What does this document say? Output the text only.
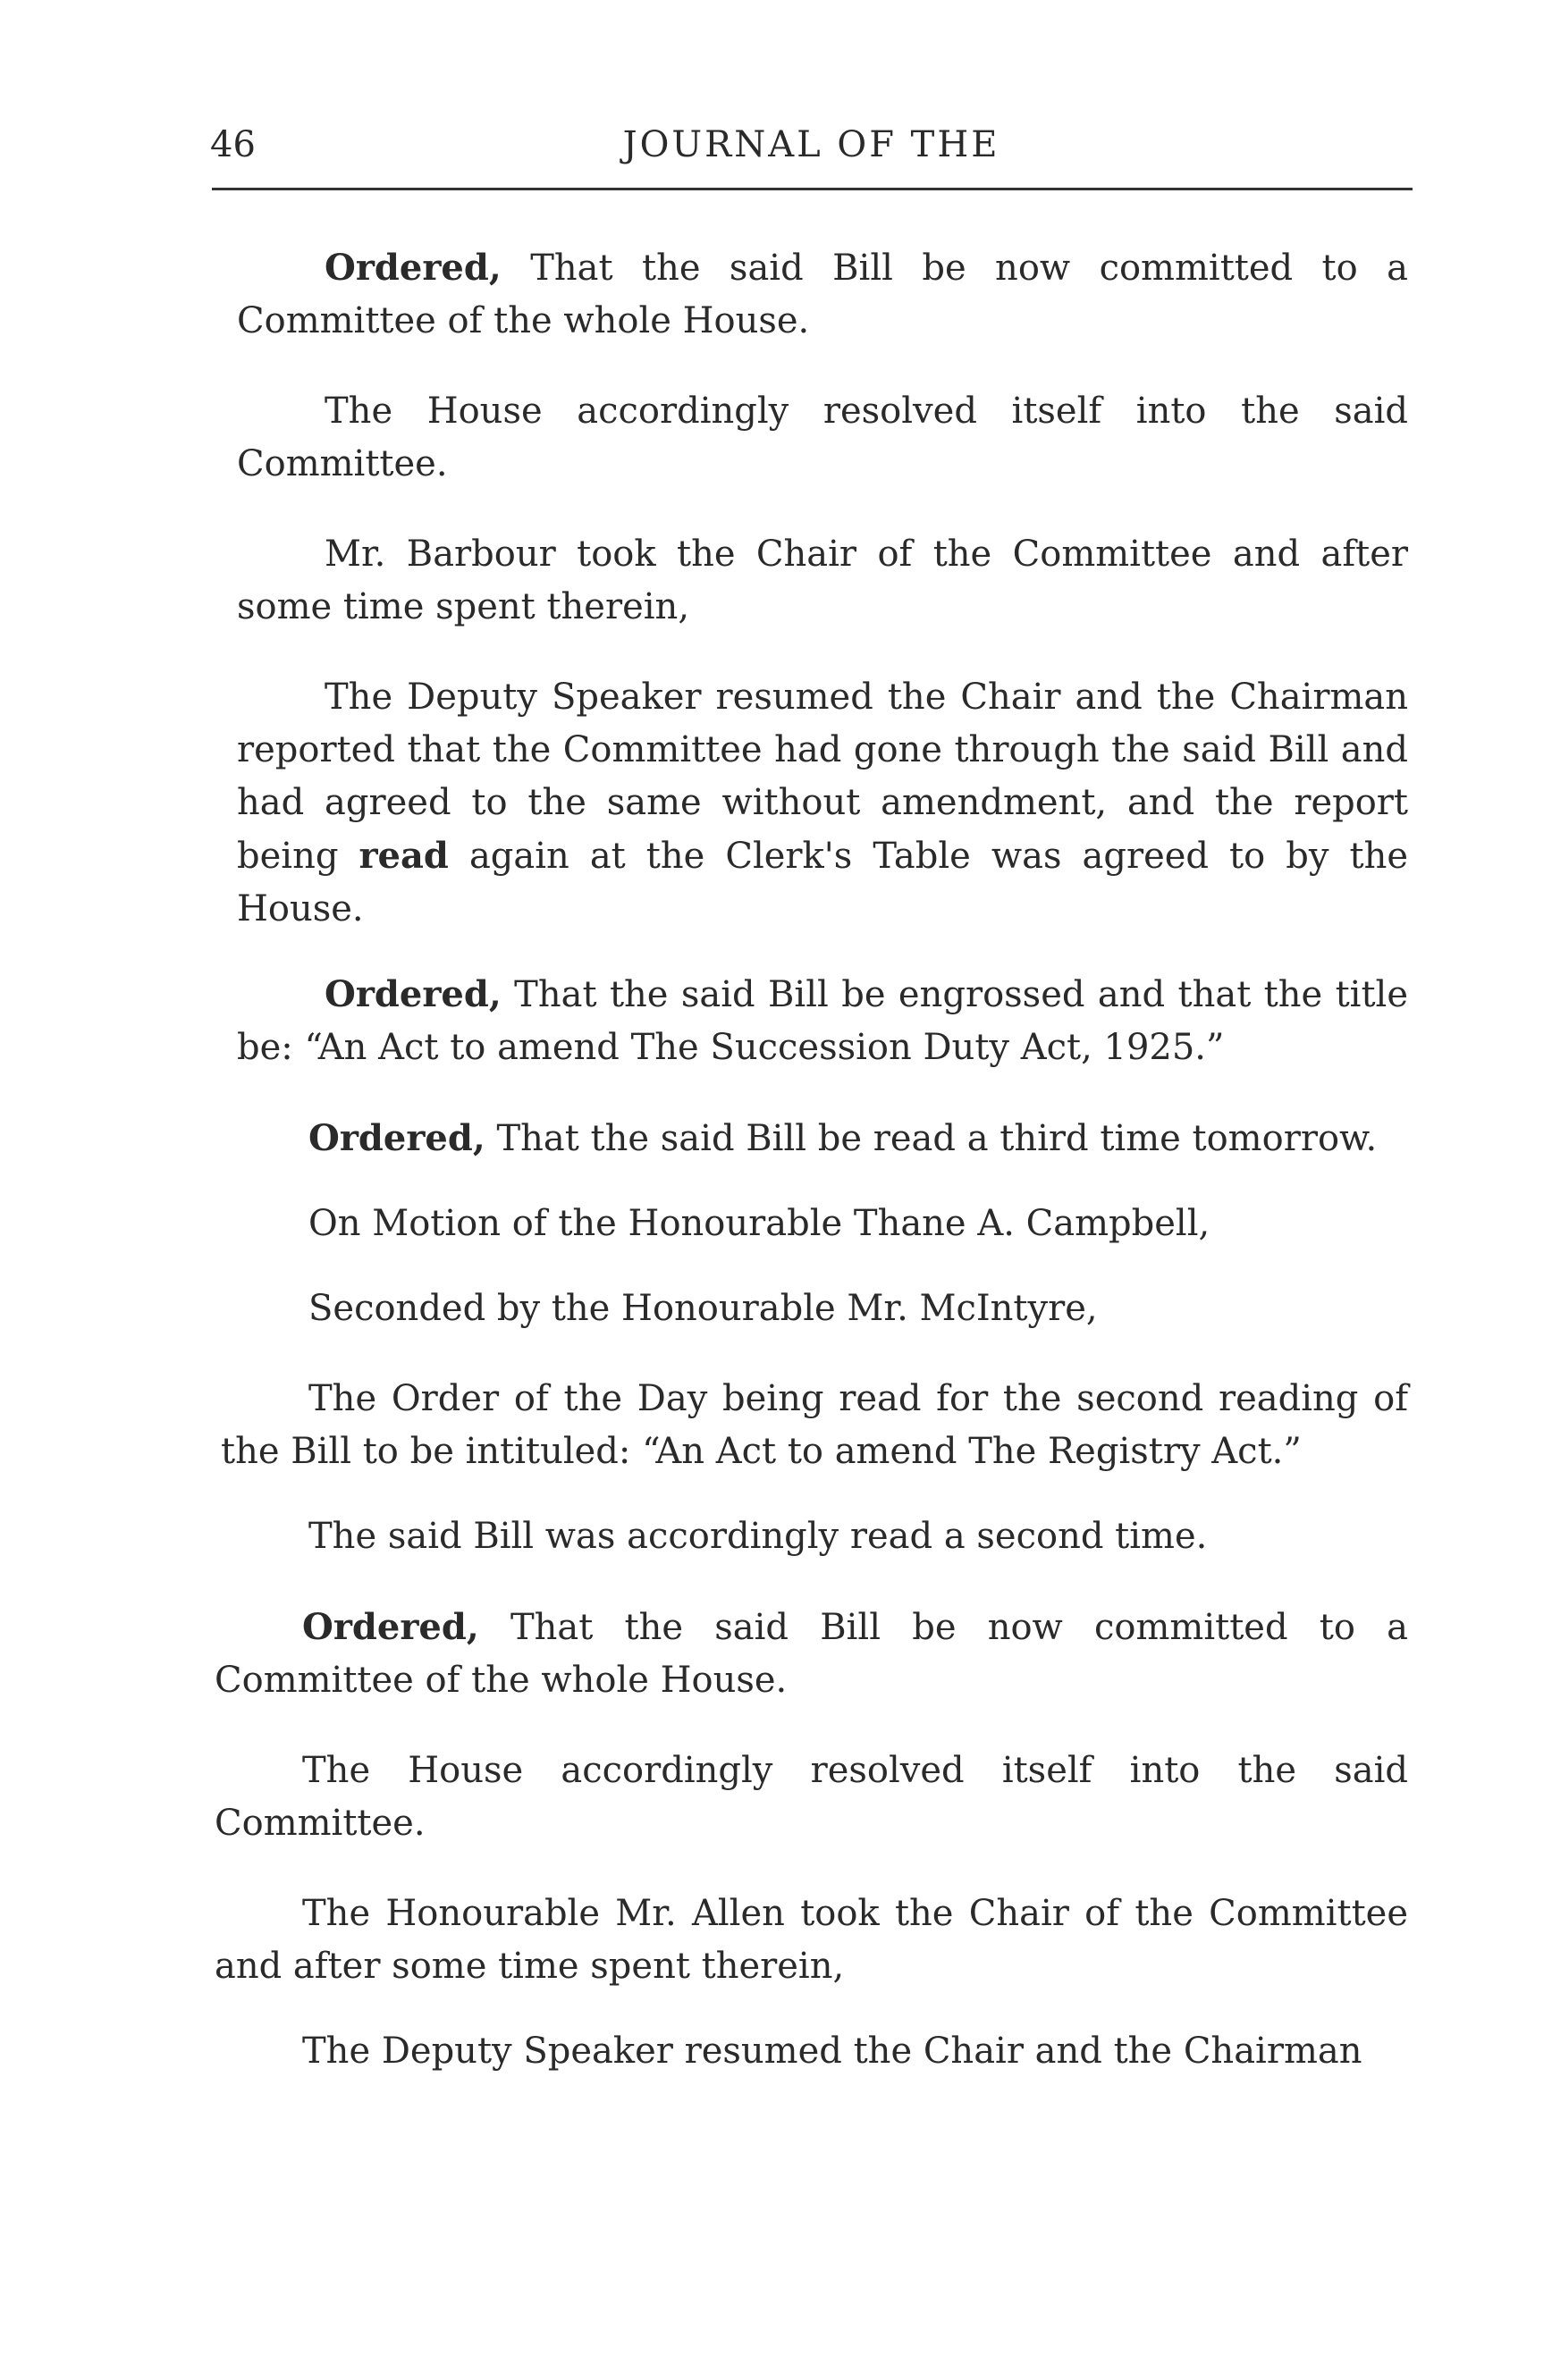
46	JOURNAL OF THE

Ordered, That the said Bill be now committed to a Committee of the whole House.

The House accordingly resolved itself into the said Committee.

Mr. Barbour took the Chair of the Committee and after some time spent therein,

The Deputy Speaker resumed the Chair and the Chairman reported that the Committee had gone through the said Bill and had agreed to the same without amendment, and the report being read again at the Clerk's Table was agreed to by the House.

Ordered, That the said Bill be engrossed and that the title be: “An Act to amend The Succession Duty Act, 1925.”

Ordered, That the said Bill be read a third time tomorrow.

On Motion of the Honourable Thane A. Campbell,

Seconded by the Honourable Mr. McIntyre,

The Order of the Day being read for the second reading of the Bill to be intituled: “An Act to amend The Registry Act.”

The said Bill was accordingly read a second time.

Ordered, That the said Bill be now committed to a Committee of the whole House.

The House accordingly resolved itself into the said Committee.

The Honourable Mr. Allen took the Chair of the Committee and after some time spent therein,

The Deputy Speaker resumed the Chair and the Chairman
